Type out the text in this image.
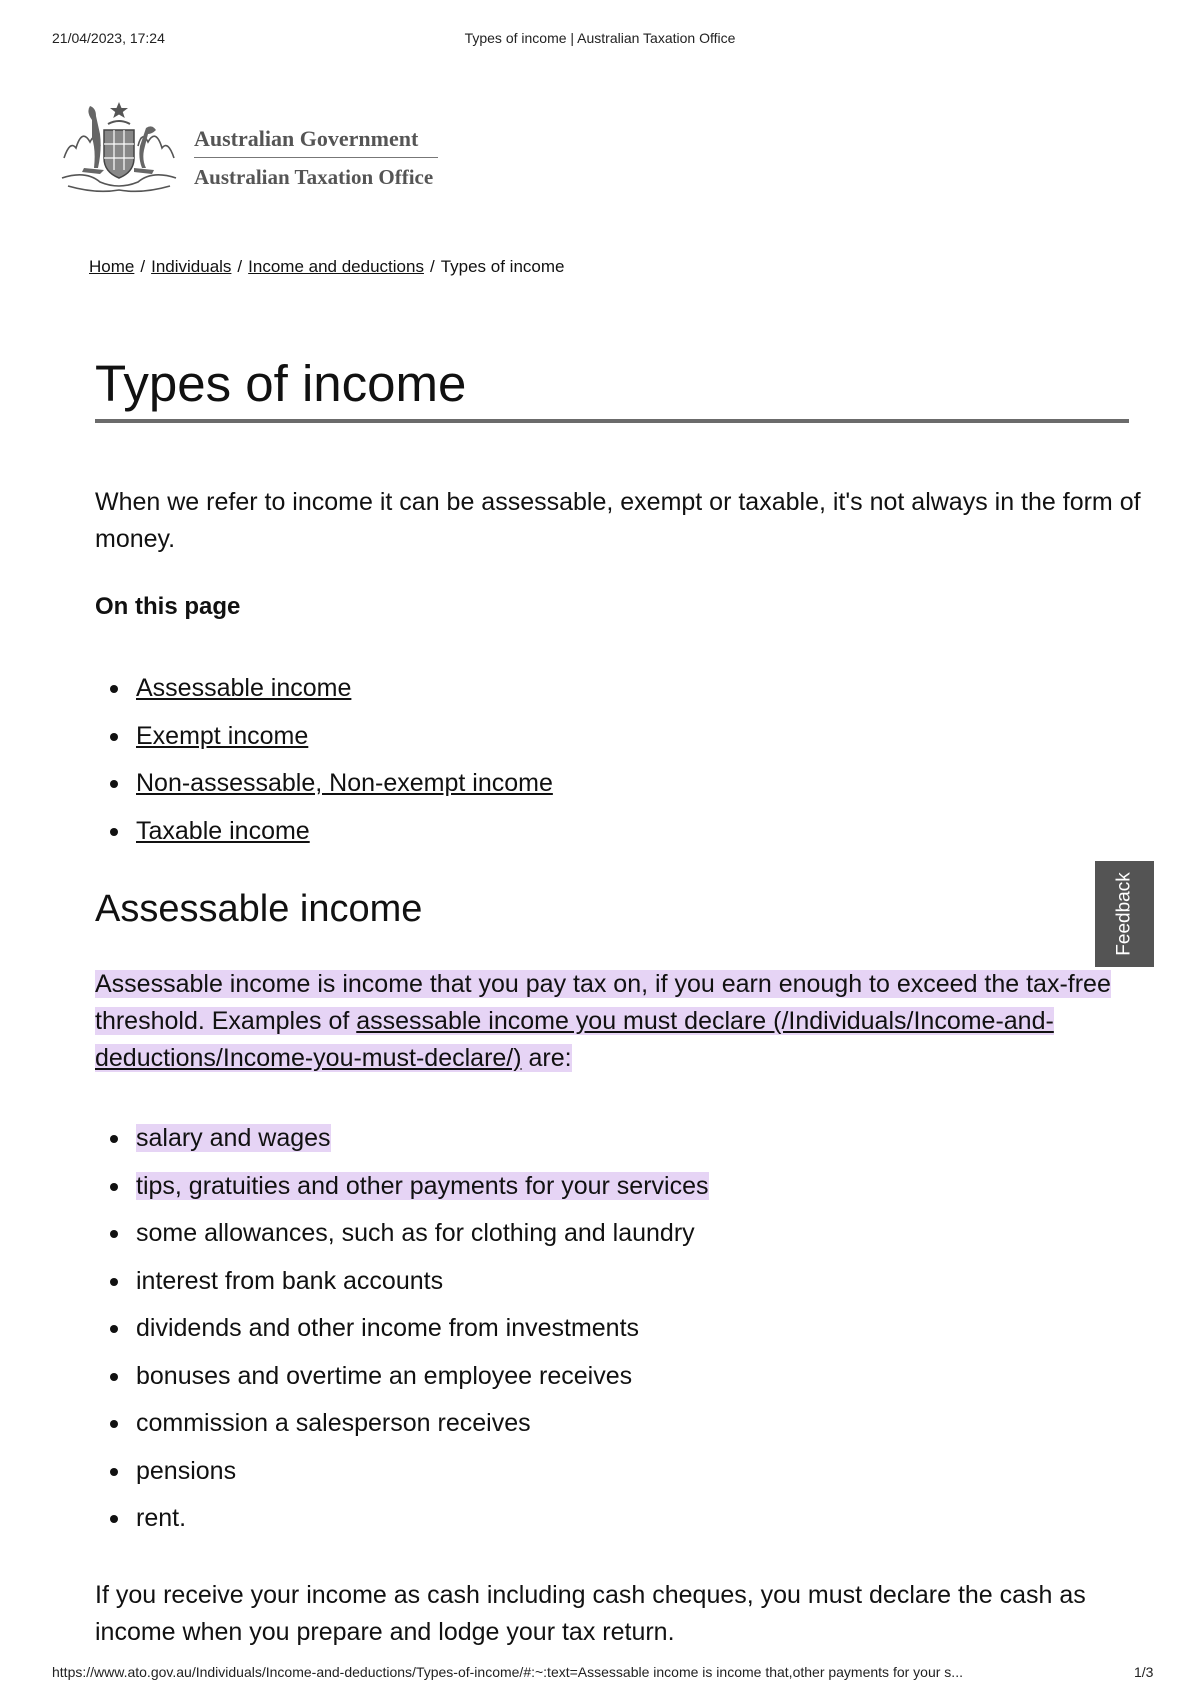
21/04/2023, 17:24	Types of income | Australian Taxation Office
Australian Government
Australian Taxation Office
Home / Individuals / Income and deductions / Types of income
Types of income

When we refer to income it can be assessable, exempt or taxable, it's not always in the form of money.

On this page
Assessable income
Exempt income
Non-assessable, Non-exempt income
Taxable income
Assessable income

Assessable income is income that you pay tax on, if you earn enough to exceed the tax-free threshold. Examples of assessable income you must declare (/Individuals/Income-and-deductions/Income-you-must-declare/) are:

salary and wages
tips, gratuities and other payments for your services
some allowances, such as for clothing and laundry
interest from bank accounts
dividends and other income from investments
bonuses and overtime an employee receives
commission a salesperson receives
pensions
rent.

If you receive your income as cash including cash cheques, you must declare the cash as income when you prepare and lodge your tax return.

Feedback
https://www.ato.gov.au/Individuals/Income-and-deductions/Types-of-income/#:~:text=Assessable income is income that,other payments for your s...	1/3
